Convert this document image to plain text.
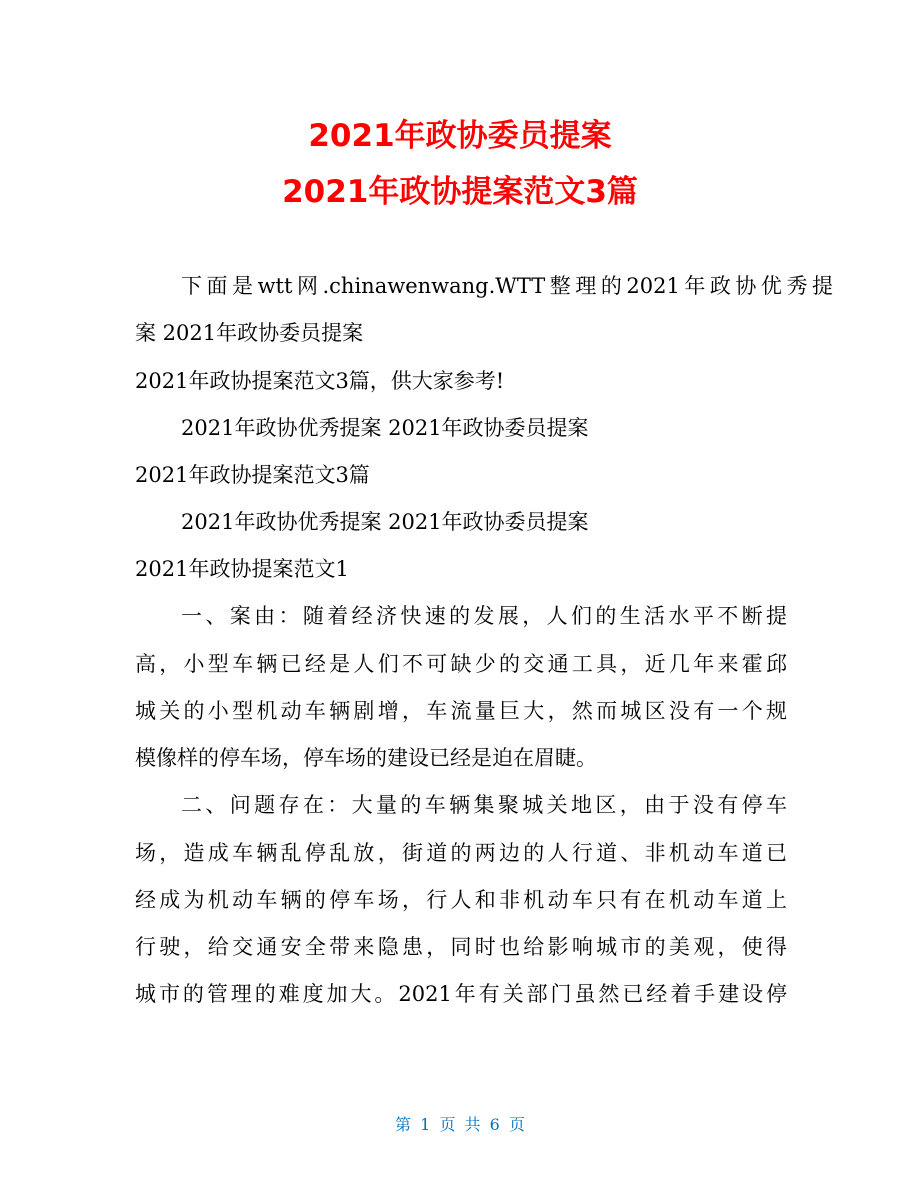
2021年政协委员提案
2021年政协提案范文3篇

下面是wtt网.chinawenwang.WTT整理的2021年政协优秀提

案 2021年政协委员提案

2021年政协提案范文3篇，供大家参考!

2021年政协优秀提案 2021年政协委员提案

2021年政协提案范文3篇

2021年政协优秀提案 2021年政协委员提案

2021年政协提案范文1

一、案由：随着经济快速的发展，人们的生活水平不断提

高，小型车辆已经是人们不可缺少的交通工具，近几年来霍邱

城关的小型机动车辆剧增，车流量巨大，然而城区没有一个规

模像样的停车场，停车场的建设已经是迫在眉睫。

二、问题存在：大量的车辆集聚城关地区，由于没有停车

场，造成车辆乱停乱放，街道的两边的人行道、非机动车道已

经成为机动车辆的停车场，行人和非机动车只有在机动车道上

行驶，给交通安全带来隐患，同时也给影响城市的美观，使得

城市的管理的难度加大。2021年有关部门虽然已经着手建设停

第 1 页 共 6 页
